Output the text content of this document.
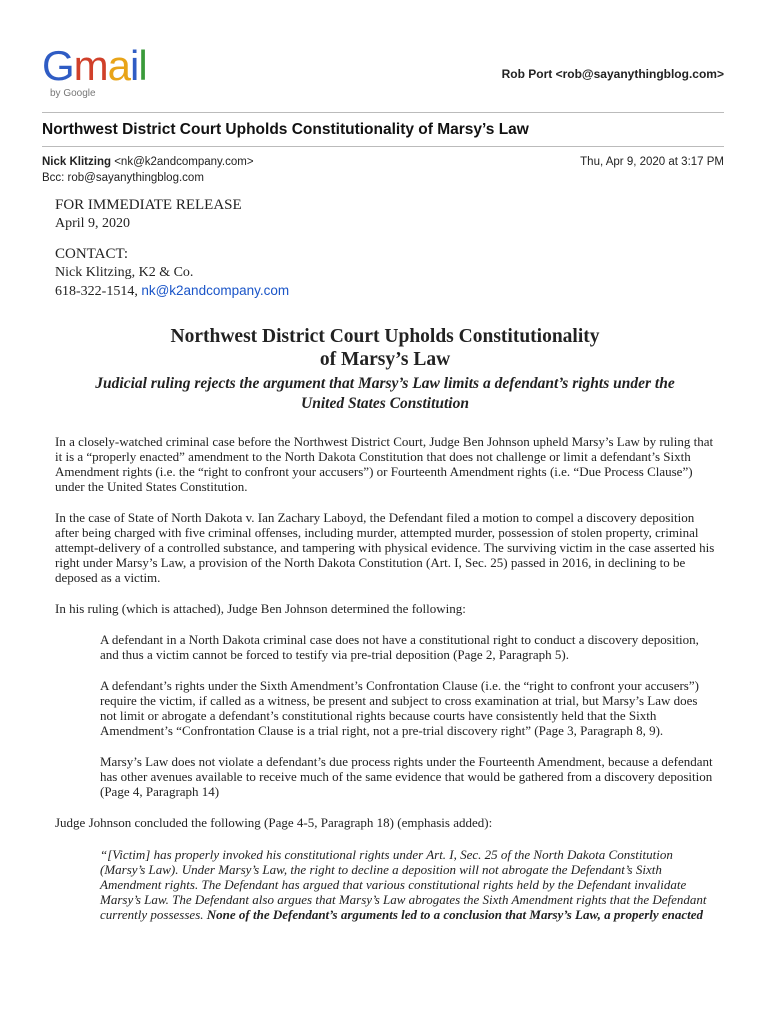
Gmail
by Google
Rob Port <rob@sayanythingblog.com>
Northwest District Court Upholds Constitutionality of Marsy’s Law
Nick Klitzing <nk@k2andcompany.com>
Bcc: rob@sayanythingblog.com
Thu, Apr 9, 2020 at 3:17 PM

FOR IMMEDIATE RELEASE

April 9, 2020

CONTACT:

Nick Klitzing, K2 & Co.

618-322-1514, nk@k2andcompany.com

Northwest District Court Upholds Constitutionality
of Marsy’s Law
Judicial ruling rejects the argument that Marsy’s Law limits a defendant’s rights under the United States Constitution

In a closely-watched criminal case before the Northwest District Court, Judge Ben Johnson upheld Marsy’s Law by ruling that it is a “properly enacted” amendment to the North Dakota Constitution that does not challenge or limit a defendant’s Sixth Amendment rights (i.e. the “right to confront your accusers”) or Fourteenth Amendment rights (i.e. “Due Process Clause”) under the United States Constitution.

In the case of State of North Dakota v. Ian Zachary Laboyd, the Defendant filed a motion to compel a discovery deposition after being charged with five criminal offenses, including murder, attempted murder, possession of stolen property, criminal attempt-delivery of a controlled substance, and tampering with physical evidence. The surviving victim in the case asserted his right under Marsy’s Law, a provision of the North Dakota Constitution (Art. I, Sec. 25) passed in 2016, in declining to be deposed as a victim.

In his ruling (which is attached), Judge Ben Johnson determined the following:

A defendant in a North Dakota criminal case does not have a constitutional right to conduct a discovery deposition, and thus a victim cannot be forced to testify via pre-trial deposition (Page 2, Paragraph 5).

A defendant’s rights under the Sixth Amendment’s Confrontation Clause (i.e. the “right to confront your accusers”) require the victim, if called as a witness, be present and subject to cross examination at trial, but Marsy’s Law does not limit or abrogate a defendant’s constitutional rights because courts have consistently held that the Sixth Amendment’s “Confrontation Clause is a trial right, not a pre-trial discovery right” (Page 3, Paragraph 8, 9).

Marsy’s Law does not violate a defendant’s due process rights under the Fourteenth Amendment, because a defendant has other avenues available to receive much of the same evidence that would be gathered from a discovery deposition (Page 4, Paragraph 14)

Judge Johnson concluded the following (Page 4-5, Paragraph 18) (emphasis added):

“[Victim] has properly invoked his constitutional rights under Art. I, Sec. 25 of the North Dakota Constitution (Marsy’s Law). Under Marsy’s Law, the right to decline a deposition will not abrogate the Defendant’s Sixth Amendment rights. The Defendant has argued that various constitutional rights held by the Defendant invalidate Marsy’s Law. The Defendant also argues that Marsy’s Law abrogates the Sixth Amendment rights that the Defendant currently possesses. None of the Defendant’s arguments led to a conclusion that Marsy’s Law, a properly enacted
